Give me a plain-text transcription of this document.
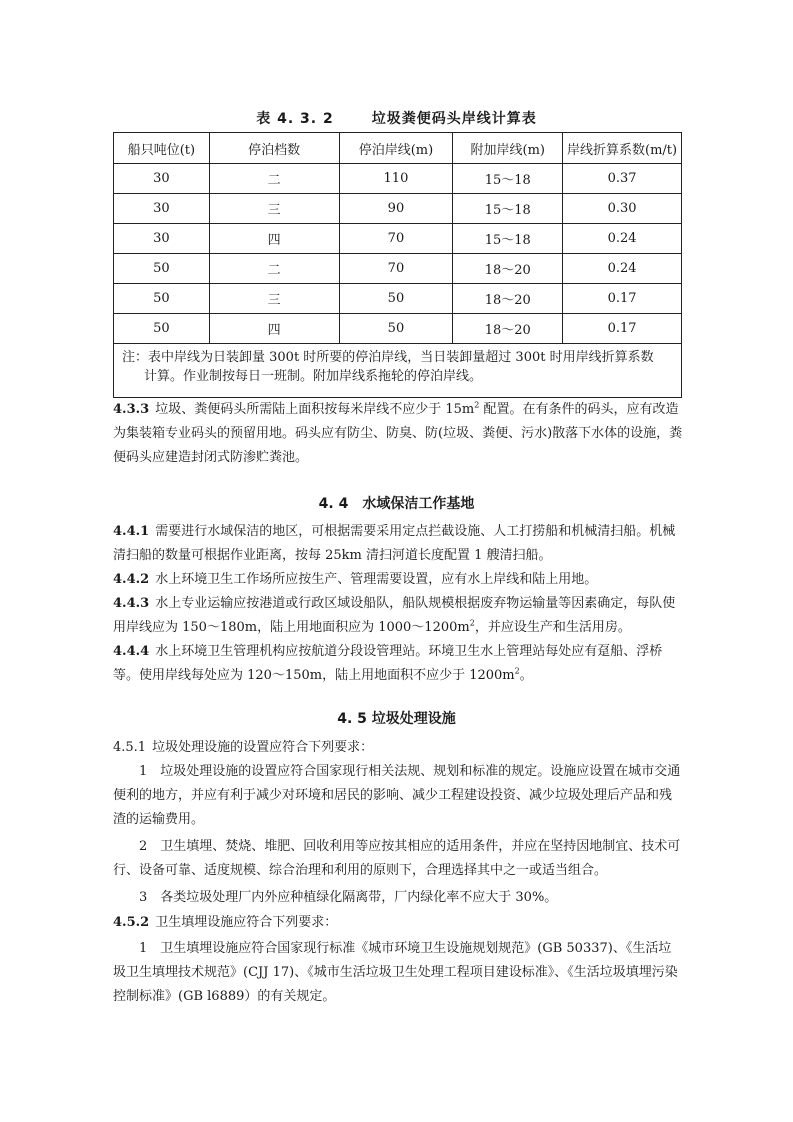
表 4. 3. 2	垃圾粪便码头岸线计算表
船只吨位(t)	停泊档数	停泊岸线(m)	附加岸线(m)	岸线折算系数(m/t)
30	二	110	15～18	0.37
30	三	90	15～18	0.30
30	四	70	15～18	0.24
50	二	70	18～20	0.24
50	三	50	18～20	0.17
50	四	50	18～20	0.17
注：表中岸线为日装卸量 300t 时所要的停泊岸线，当日装卸量超过 300t 时用岸线折算系数
计算。作业制按每日一班制。附加岸线系拖轮的停泊岸线。				

4.3.3 垃圾、粪便码头所需陆上面积按每米岸线不应少于 $15m^2$ 配置。在有条件的码头，应有改造为集装箱专业码头的预留用地。码头应有防尘、防臭、防(垃圾、粪便、污水)散落下水体的设施，粪便码头应建造封闭式防渗贮粪池。

4. 4　水域保洁工作基地

4.4.1 需要进行水域保洁的地区，可根据需要采用定点拦截设施、人工打捞船和机械清扫船。机械清扫船的数量可根据作业距离，按每 25km 清扫河道长度配置 1 艘清扫船。

4.4.2 水上环境卫生工作场所应按生产、管理需要设置，应有水上岸线和陆上用地。

4.4.3 水上专业运输应按港道或行政区域设船队，船队规模根据废弃物运输量等因素确定，每队使用岸线应为 150～180m，陆上用地面积应为 $1000\sim 1200m^2$，并应设生产和生活用房。

4.4.4 水上环境卫生管理机构应按航道分段设管理站。环境卫生水上管理站每处应有趸船、浮桥等。使用岸线每处应为 120～150m，陆上用地面积不应少于 $1200m^2$。

4. 5 垃圾处理设施

4.5.1 垃圾处理设施的设置应符合下列要求：

1　垃圾处理设施的设置应符合国家现行相关法规、规划和标准的规定。设施应设置在城市交通便利的地方，并应有利于减少对环境和居民的影响、减少工程建设投资、减少垃圾处理后产品和残渣的运输费用。

2　卫生填埋、焚烧、堆肥、回收利用等应按其相应的适用条件，并应在坚持因地制宜、技术可行、设备可靠、适度规模、综合治理和利用的原则下，合理选择其中之一或适当组合。

3　各类垃圾处理厂内外应种植绿化隔离带，厂内绿化率不应大于 30%。

4.5.2 卫生填埋设施应符合下列要求：

1　卫生填埋设施应符合国家现行标准《城市环境卫生设施规划规范》(GB 50337)、《生活垃圾卫生填埋技术规范》(CJJ 17)、《城市生活垃圾卫生处理工程项目建设标准》、《生活垃圾填埋污染控制标准》(GB l6889）的有关规定。
